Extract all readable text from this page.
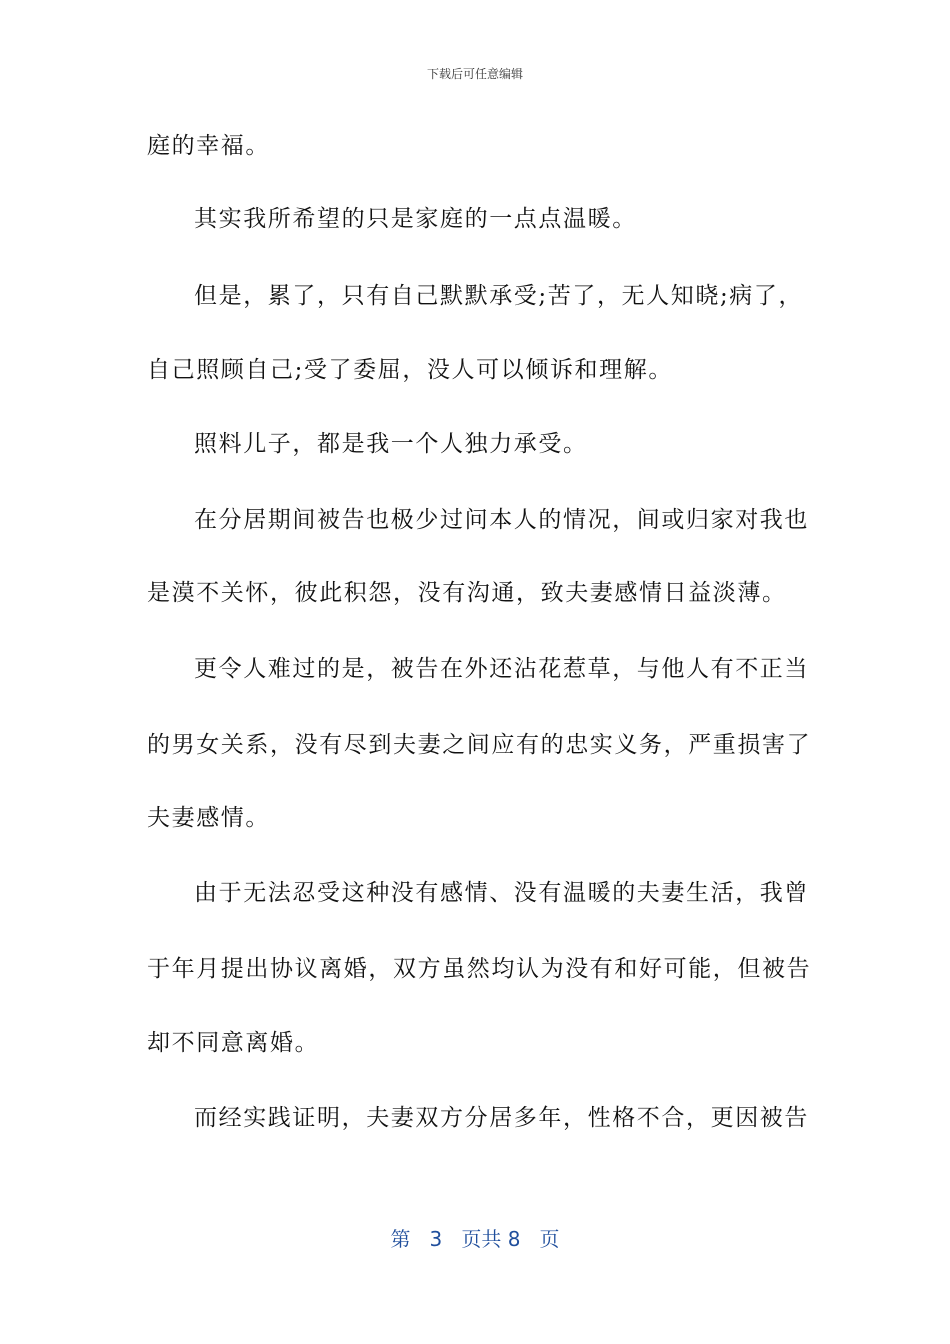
下载后可任意编辑
庭的幸福。
其实我所希望的只是家庭的一点点温暖。
但是，累了，只有自己默默承受;苦了，无人知晓;病了，
自己照顾自己;受了委屈，没人可以倾诉和理解。
照料儿子，都是我一个人独力承受。
在分居期间被告也极少过问本人的情况，间或归家对我也
是漠不关怀，彼此积怨，没有沟通，致夫妻感情日益淡薄。
更令人难过的是，被告在外还沾花惹草，与他人有不正当
的男女关系，没有尽到夫妻之间应有的忠实义务，严重损害了
夫妻感情。
由于无法忍受这种没有感情、没有温暖的夫妻生活，我曾
于年月提出协议离婚，双方虽然均认为没有和好可能，但被告
却不同意离婚。
而经实践证明，夫妻双方分居多年，性格不合，更因被告
第 3 页共 8 页
